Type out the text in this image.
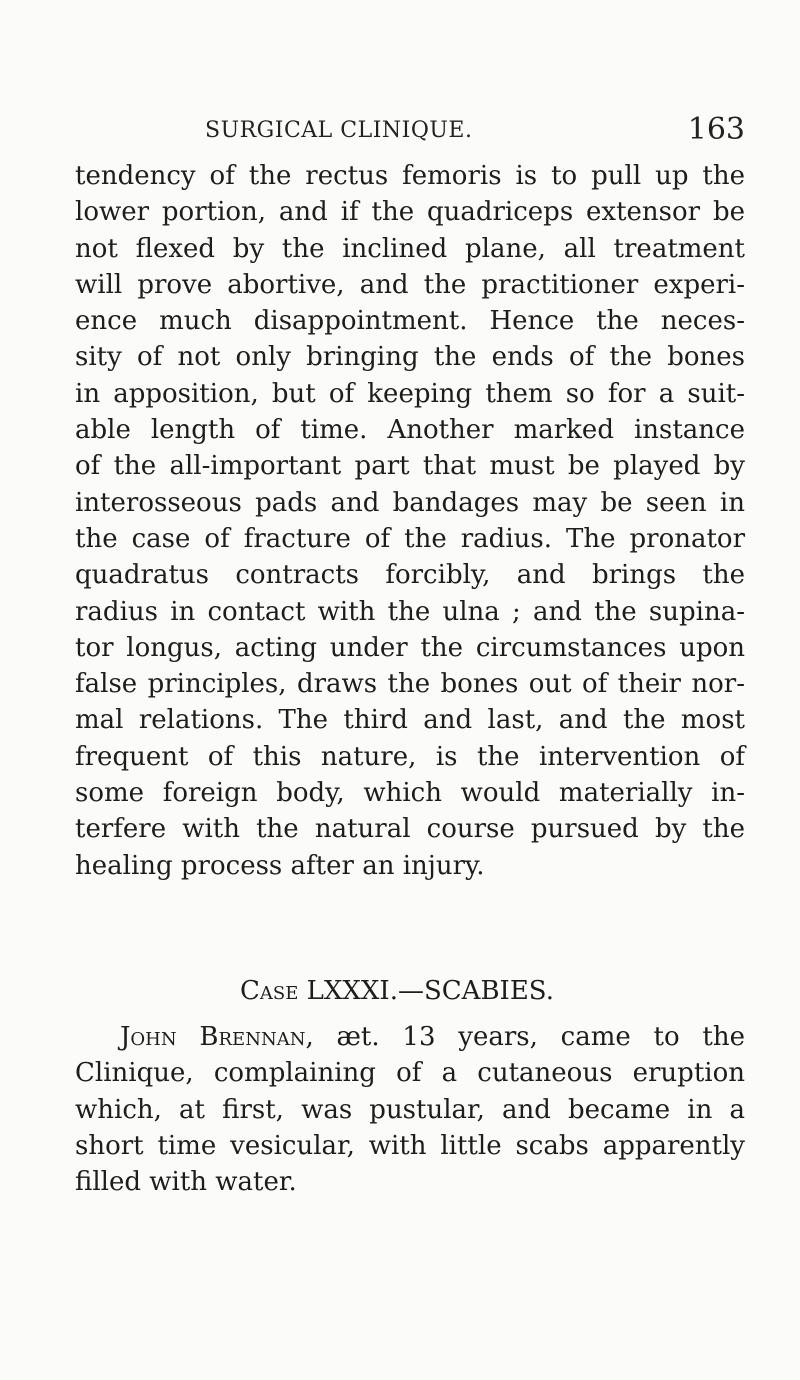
SURGICAL CLINIQUE.	163
tendency of the rectus femoris is to pull up the
lower portion, and if the quadriceps extensor be
not flexed by the inclined plane, all treatment
will prove abortive, and the practitioner experi-
ence much disappointment. Hence the neces-
sity of not only bringing the ends of the bones
in apposition, but of keeping them so for a suit-
able length of time. Another marked instance
of the all-important part that must be played by
interosseous pads and bandages may be seen in
the case of fracture of the radius. The pronator
quadratus contracts forcibly, and brings the
radius in contact with the ulna ; and the supina-
tor longus, acting under the circumstances upon
false principles, draws the bones out of their nor-
mal relations. The third and last, and the most
frequent of this nature, is the intervention of
some foreign body, which would materially in-
terfere with the natural course pursued by the
healing process after an injury.
Case LXXXI.—SCABIES.
John Brennan, æt. 13 years, came to the
Clinique, complaining of a cutaneous eruption
which, at first, was pustular, and became in a
short time vesicular, with little scabs apparently
filled with water.
